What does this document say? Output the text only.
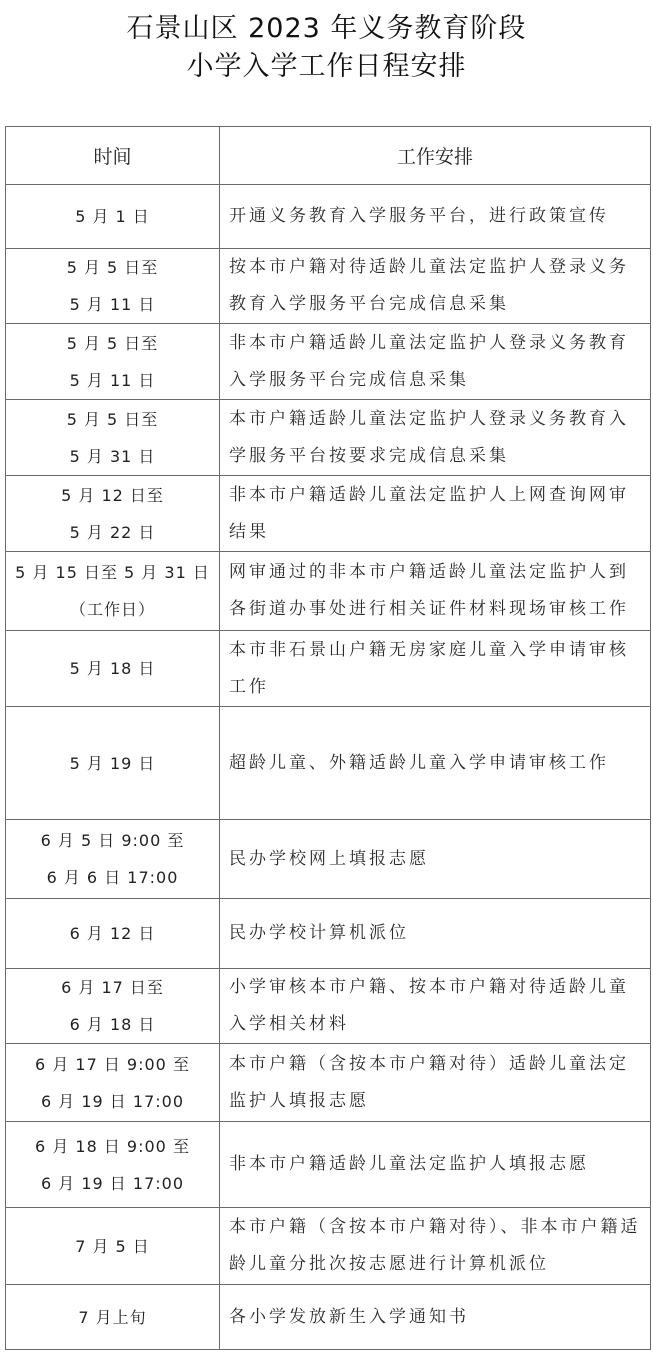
石景山区 2023 年义务教育阶段
小学入学工作日程安排
时间	工作安排

5 月 1 日	开通义务教育入学服务平台，进行政策宣传

5 月 5 日至
5 月 11 日	按本市户籍对待适龄儿童法定监护人登录义务
教育入学服务平台完成信息采集

5 月 5 日至
5 月 11 日	非本市户籍适龄儿童法定监护人登录义务教育
入学服务平台完成信息采集

5 月 5 日至
5 月 31 日	本市户籍适龄儿童法定监护人登录义务教育入
学服务平台按要求完成信息采集

5 月 12 日至
5 月 22 日	非本市户籍适龄儿童法定监护人上网查询网审
结果

5 月 15 日至 5 月 31 日
（工作日）	网审通过的非本市户籍适龄儿童法定监护人到
各街道办事处进行相关证件材料现场审核工作

5 月 18 日	本市非石景山户籍无房家庭儿童入学申请审核
工作

5 月 19 日	超龄儿童、外籍适龄儿童入学申请审核工作

6 月 5 日 9:00 至
6 月 6 日 17:00	民办学校网上填报志愿

6 月 12 日	民办学校计算机派位

6 月 17 日至
6 月 18 日	小学审核本市户籍、按本市户籍对待适龄儿童
入学相关材料

6 月 17 日 9:00 至
6 月 19 日 17:00	本市户籍（含按本市户籍对待）适龄儿童法定
监护人填报志愿

6 月 18 日 9:00 至
6 月 19 日 17:00	非本市户籍适龄儿童法定监护人填报志愿

7 月 5 日	本市户籍（含按本市户籍对待）、非本市户籍适
龄儿童分批次按志愿进行计算机派位

7 月上旬	各小学发放新生入学通知书
